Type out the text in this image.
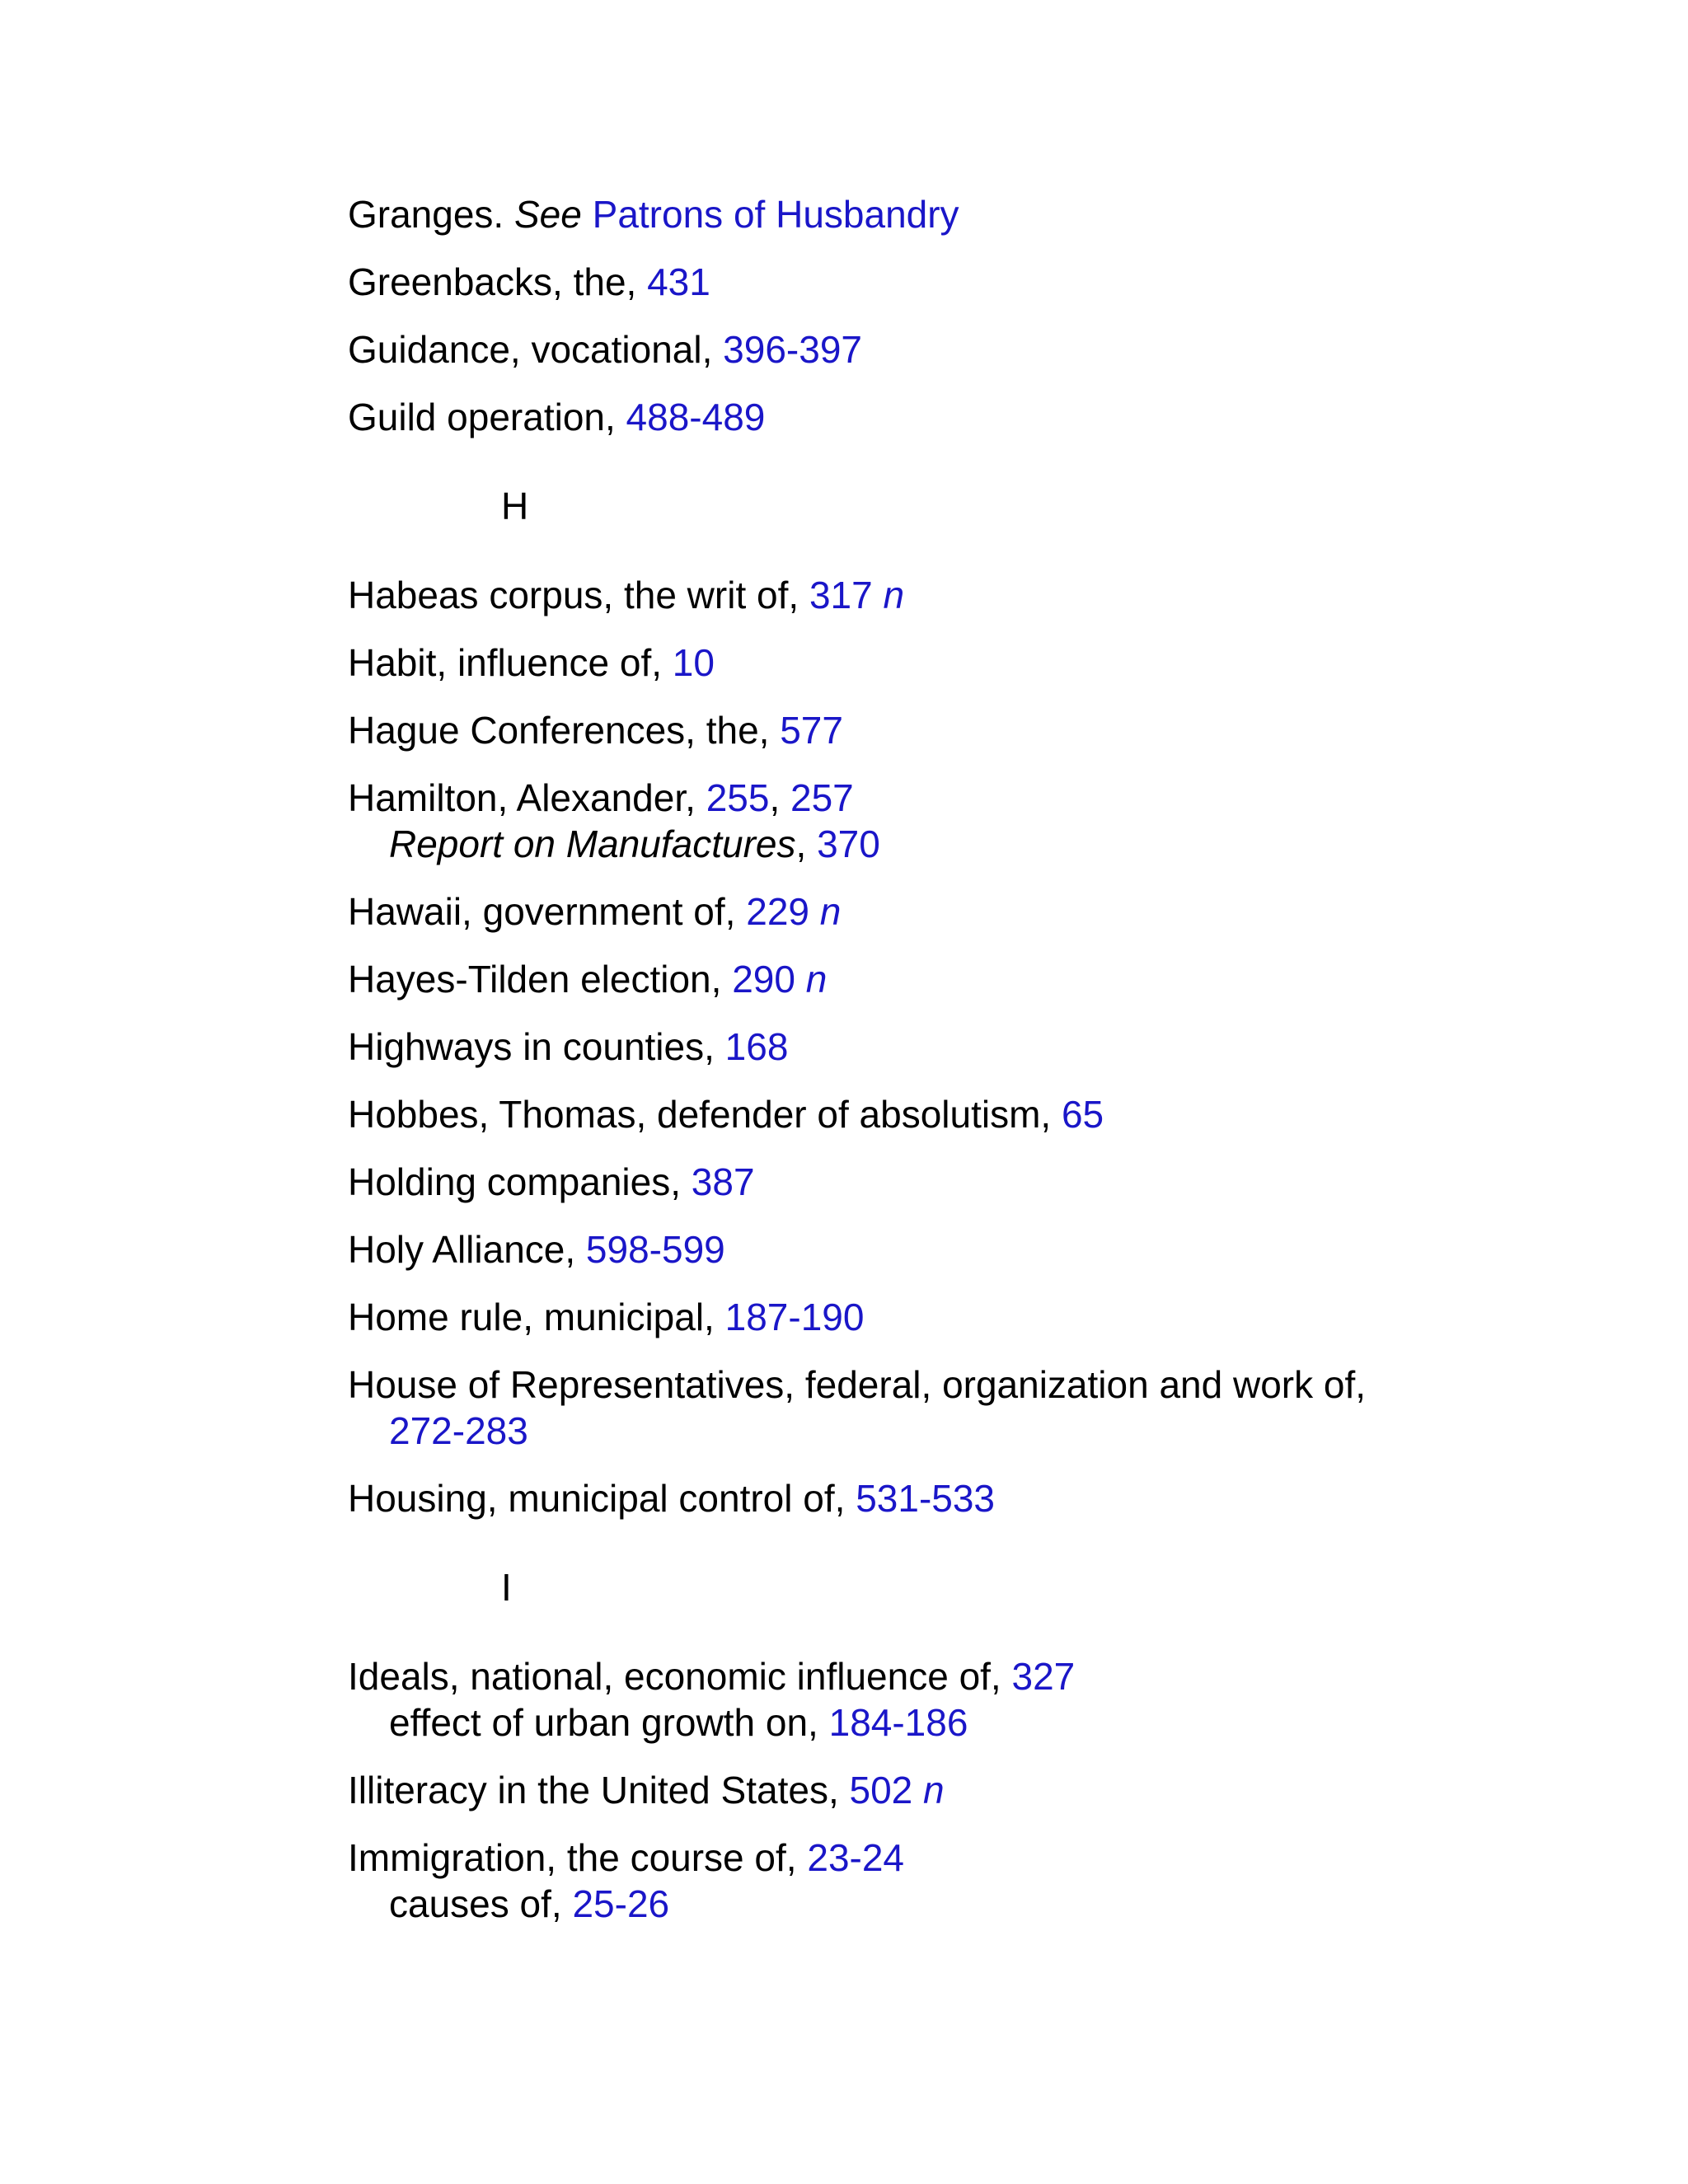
Granges. See Patrons of Husbandry
Greenbacks, the, 431
Guidance, vocational, 396-397
Guild operation, 488-489
H
Habeas corpus, the writ of, 317 n
Habit, influence of, 10
Hague Conferences, the, 577
Hamilton, Alexander, 255, 257
Report on Manufactures, 370
Hawaii, government of, 229 n
Hayes-Tilden election, 290 n
Highways in counties, 168
Hobbes, Thomas, defender of absolutism, 65
Holding companies, 387
Holy Alliance, 598-599
Home rule, municipal, 187-190
House of Representatives, federal, organization and work of,
272-283
Housing, municipal control of, 531-533
I
Ideals, national, economic influence of, 327
effect of urban growth on, 184-186
Illiteracy in the United States, 502 n
Immigration, the course of, 23-24
causes of, 25-26
